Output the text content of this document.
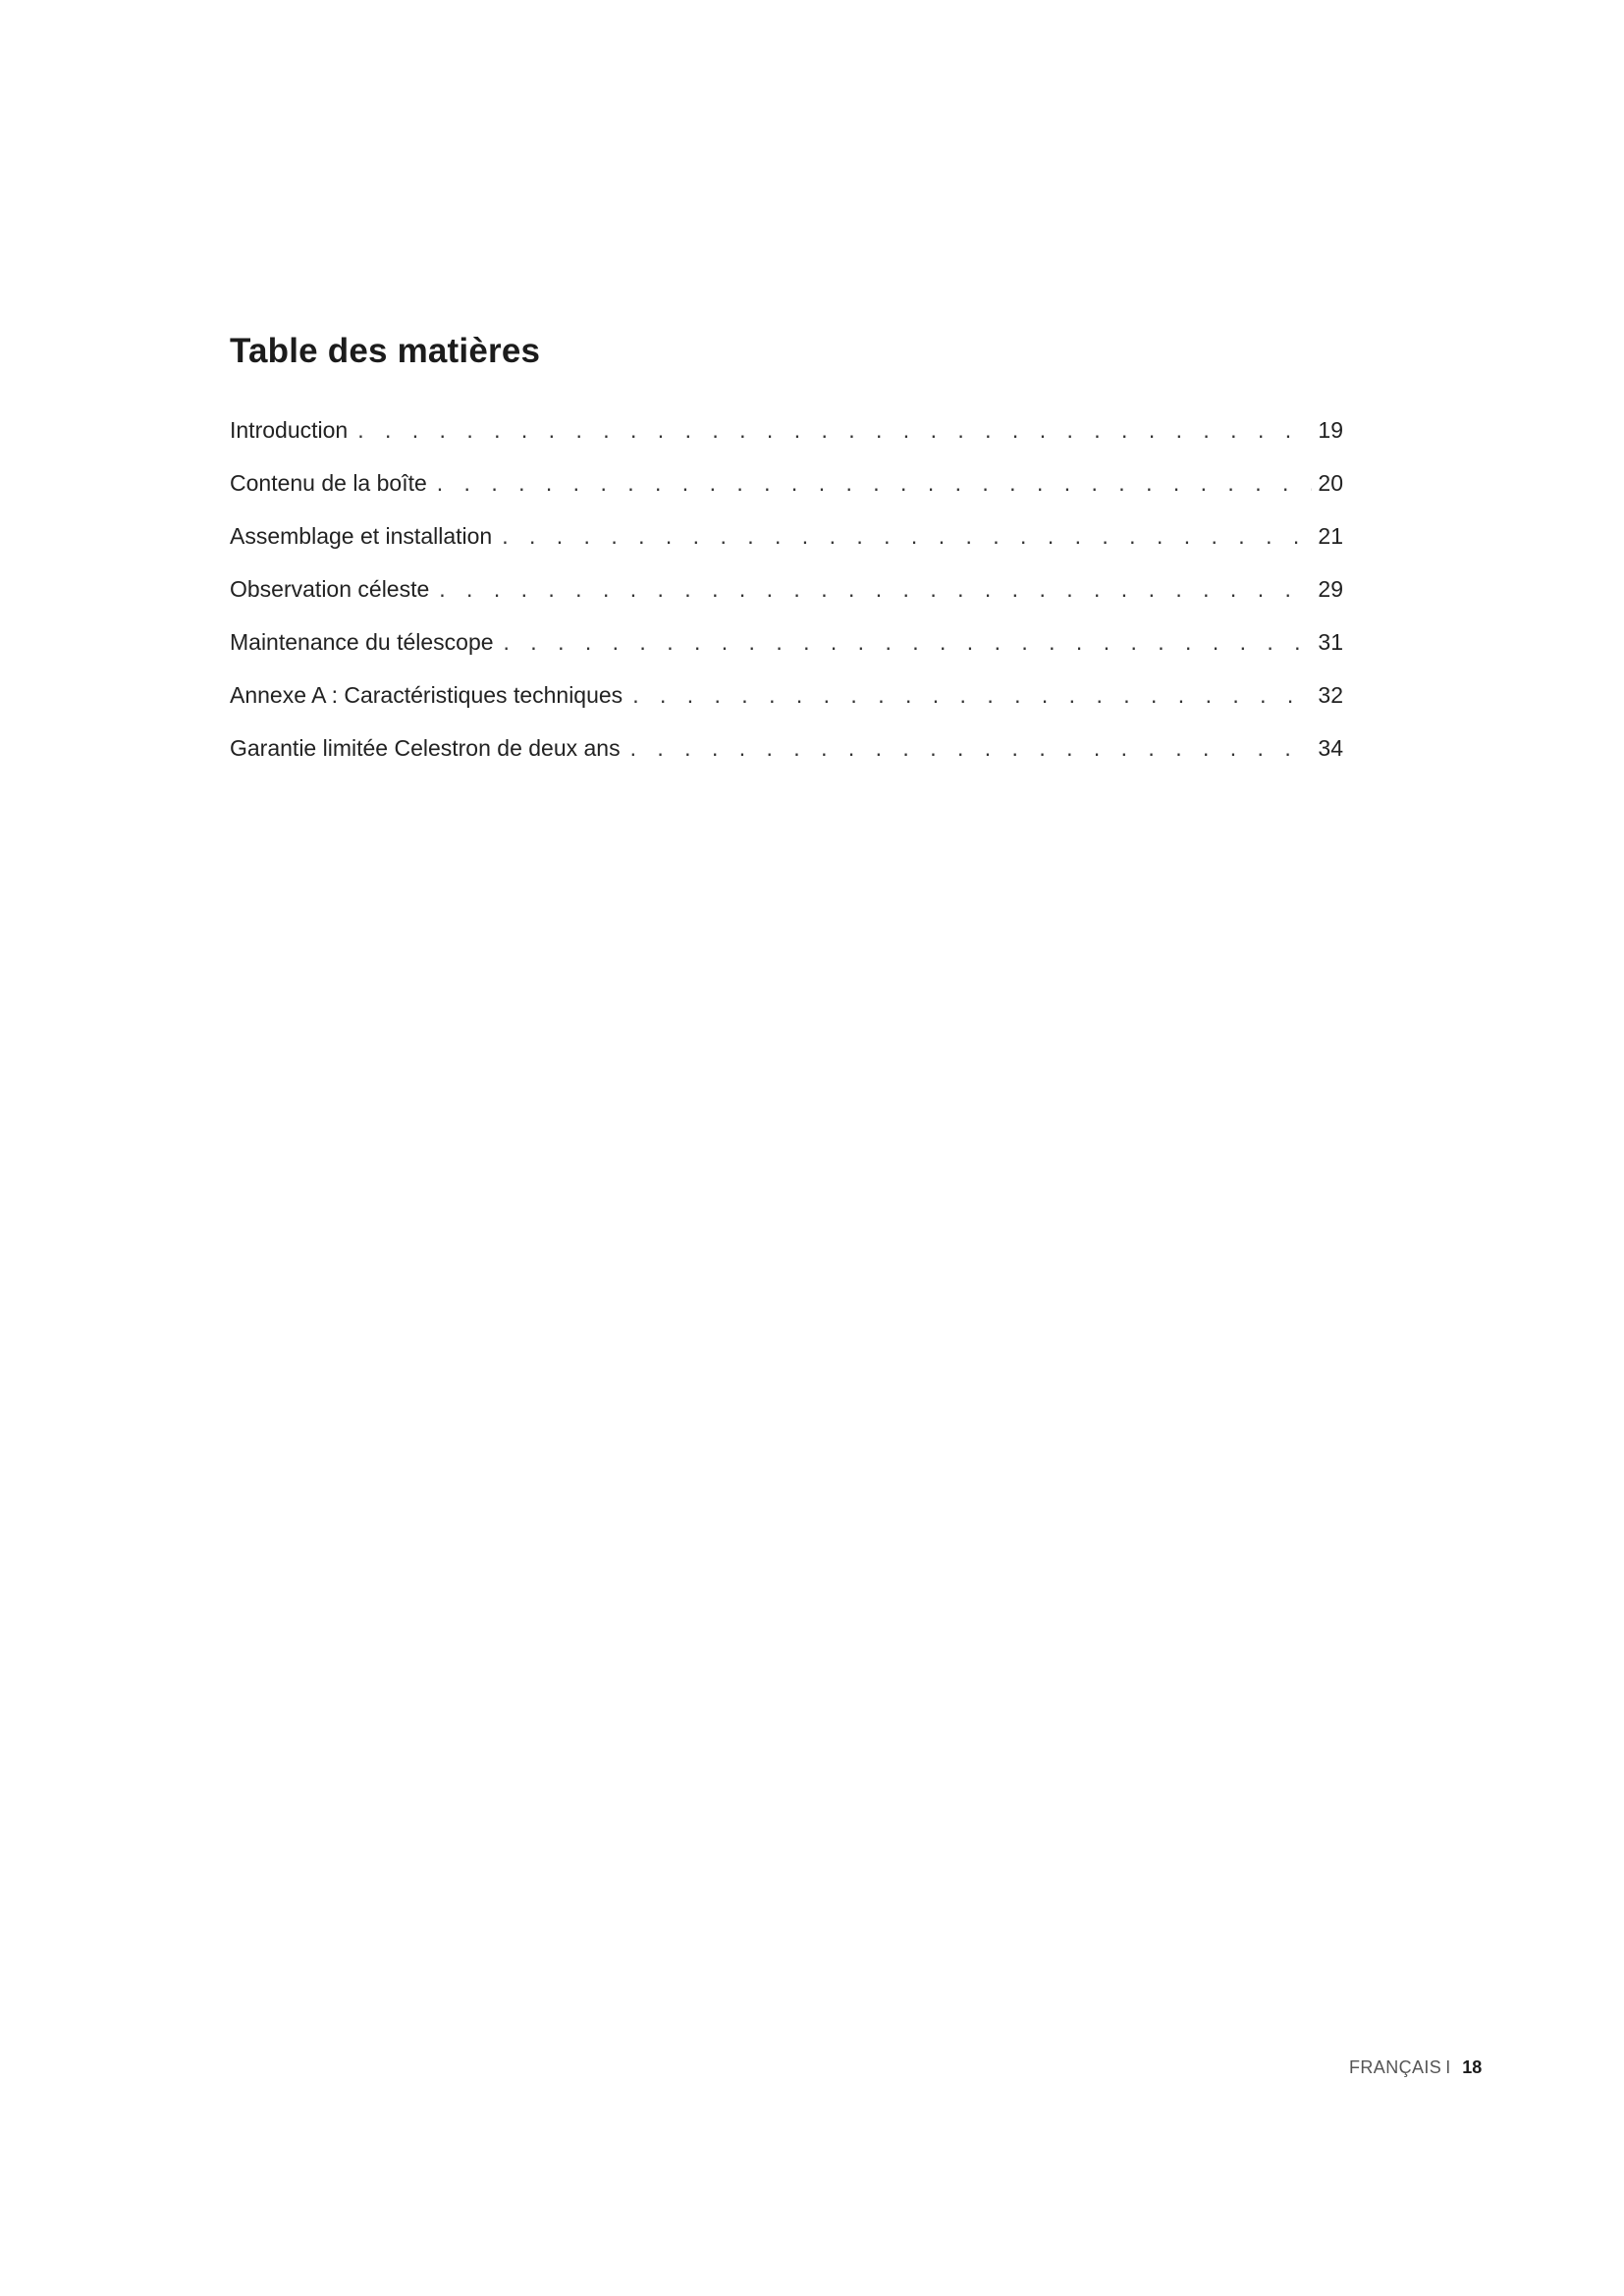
Table des matières
Introduction . . .	19
Contenu de la boîte . . .	20
Assemblage et installation . . .	21
Observation céleste . . .	29
Maintenance du télescope . . .	31
Annexe A : Caractéristiques techniques . . .	32
Garantie limitée Celestron de deux ans . . .	34
FRANÇAIS I 18
